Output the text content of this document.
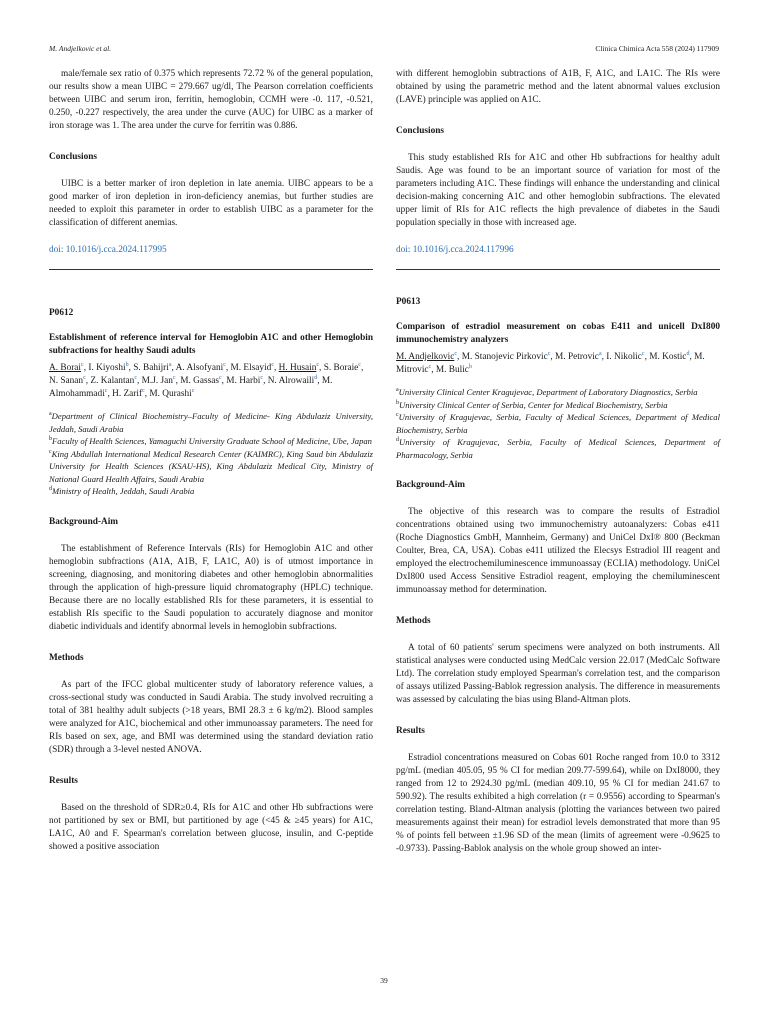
M. Andjelkovic et al.	Clinica Chimica Acta 558 (2024) 117909

male/female sex ratio of 0.375 which represents 72.72 % of the general population, our results show a mean UIBC = 279.667 ug/dl, The Pearson correlation coefficients between UIBC and serum iron, ferritin, hemoglobin, CCMH were -0. 117, -0.521, 0.250, -0.227 respectively, the area under the curve (AUC) for UIBC as a marker of iron storage was 1. The area under the curve for ferritin was 0.886.

Conclusions

UIBC is a better marker of iron depletion in late anemia. UIBC appears to be a good marker of iron depletion in iron-deficiency anemias, but further studies are needed to exploit this parameter in order to establish UIBC as a parameter for the classification of different anemias.

doi: 10.1016/j.cca.2024.117995

P0612

Establishment of reference interval for Hemoglobin A1C and other Hemoglobin subfractions for healthy Saudi adults

A. Borai$^c$, I. Kiyoshi$^b$, S. Bahijri$^a$, A. Alsofyani$^c$, M. Elsayid$^c$, H. Husain$^c$, S. Boraie$^c$, N. Sanan$^c$, Z. Kalantan$^c$, M.J. Jan$^c$, M. Gassas$^c$, M. Harbi$^c$, N. Alrowaili$^d$, M. Almohammadi$^c$, H. Zarif$^c$, M. Qurashi$^c$

$^a$Department of Clinical Biochemistry–Faculty of Medicine- King Abdulaziz University, Jeddah, Saudi Arabia

$^b$Faculty of Health Sciences, Yamaguchi University Graduate School of Medicine, Ube, Japan

$^c$King Abdullah International Medical Research Center (KAIMRC), King Saud bin Abdulaziz University for Health Sciences (KSAU-HS), King Abdulaziz Medical City, Ministry of National Guard Health Affairs, Saudi Arabia

$^d$Ministry of Health, Jeddah, Saudi Arabia

Background-Aim

The establishment of Reference Intervals (RIs) for Hemoglobin A1C and other hemoglobin subfractions (A1A, A1B, F, LA1C, A0) is of utmost importance in screening, diagnosing, and monitoring diabetes and other hemoglobin abnormalities through the application of high-pressure liquid chromatography (HPLC) technique. Because there are no locally established RIs for these parameters, it is essential to establish RIs specific to the Saudi population to accurately diagnose and monitor diabetic individuals and identify abnormal levels in hemoglobin subfractions.

Methods

As part of the IFCC global multicenter study of laboratory reference values, a cross-sectional study was conducted in Saudi Arabia. The study involved recruiting a total of 381 healthy adult subjects (>18 years, BMI 28.3 ± 6 kg/m2). Blood samples were analyzed for A1C, biochemical and other immunoassay parameters. The need for RIs based on sex, age, and BMI was determined using the standard deviation ratio (SDR) through a 3-level nested ANOVA.

Results

Based on the threshold of SDR≥0.4, RIs for A1C and other Hb subfractions were not partitioned by sex or BMI, but partitioned by age (<45 & ≥45 years) for A1C, LA1C, A0 and F. Spearman's correlation between glucose, insulin, and C-peptide showed a positive association

with different hemoglobin subtractions of A1B, F, A1C, and LA1C. The RIs were obtained by using the parametric method and the latent abnormal values exclusion (LAVE) principle was applied on A1C.

Conclusions

This study established RIs for A1C and other Hb subfractions for healthy adult Saudis. Age was found to be an important source of variation for most of the parameters including A1C. These findings will enhance the understanding and clinical decision-making concerning A1C and other hemoglobin subfractions. The elevated upper limit of RIs for A1C reflects the high prevalence of diabetes in the Saudi population specially in those with increased age.

doi: 10.1016/j.cca.2024.117996

P0613

Comparison of estradiol measurement on cobas E411 and unicell DxI800 immunochemistry analyzers

M. Andjelkovic$^c$, M. Stanojevic Pirkovic$^c$, M. Petrovic$^a$, I. Nikolic$^c$, M. Kostic$^d$, M. Mitrovic$^c$, M. Bulic$^b$

$^a$University Clinical Center Kragujevac, Department of Laboratory Diagnostics, Serbia

$^b$University Clinical Center of Serbia, Center for Medical Biochemistry, Serbia

$^c$University of Kragujevac, Serbia, Faculty of Medical Sciences, Department of Medical Biochemistry, Serbia

$^d$University of Kragujevac, Serbia, Faculty of Medical Sciences, Department of Pharmacology, Serbia

Background-Aim

The objective of this research was to compare the results of Estradiol concentrations obtained using two immunochemistry autoanalyzers: Cobas e411 (Roche Diagnostics GmbH, Mannheim, Germany) and UniCel DxI® 800 (Beckman Coulter, Brea, CA, USA). Cobas e411 utilized the Elecsys Estradiol III reagent and employed the electrochemiluminescence immunoassay (ECLIA) methodology. UniCel DxI800 used Access Sensitive Estradiol reagent, employing the chemiluminescent immunoassay method for determination.

Methods

A total of 60 patients' serum specimens were analyzed on both instruments. All statistical analyses were conducted using MedCalc version 22.017 (MedCalc Software Ltd). The correlation study employed Spearman's correlation test, and the comparison of assays utilized Passing-Bablok regression analysis. The difference in measurements was assessed by calculating the bias using Bland-Altman plots.

Results

Estradiol concentrations measured on Cobas 601 Roche ranged from 10.0 to 3312 pg/mL (median 405.05, 95 % CI for median 209.77-599.64), while on DxI8000, they ranged from 12 to 2924.30 pg/mL (median 409.10, 95 % CI for median 241.67 to 590.92). The results exhibited a high correlation (r = 0.9556) according to Spearman's correlation testing. Bland-Altman analysis (plotting the variances between two paired measurements against their mean) for estradiol levels demonstrated that more than 95 % of points fell between ±1.96 SD of the mean (limits of agreement were -0.9625 to -0.9733). Passing-Bablok analysis on the whole group showed an inter-

39
